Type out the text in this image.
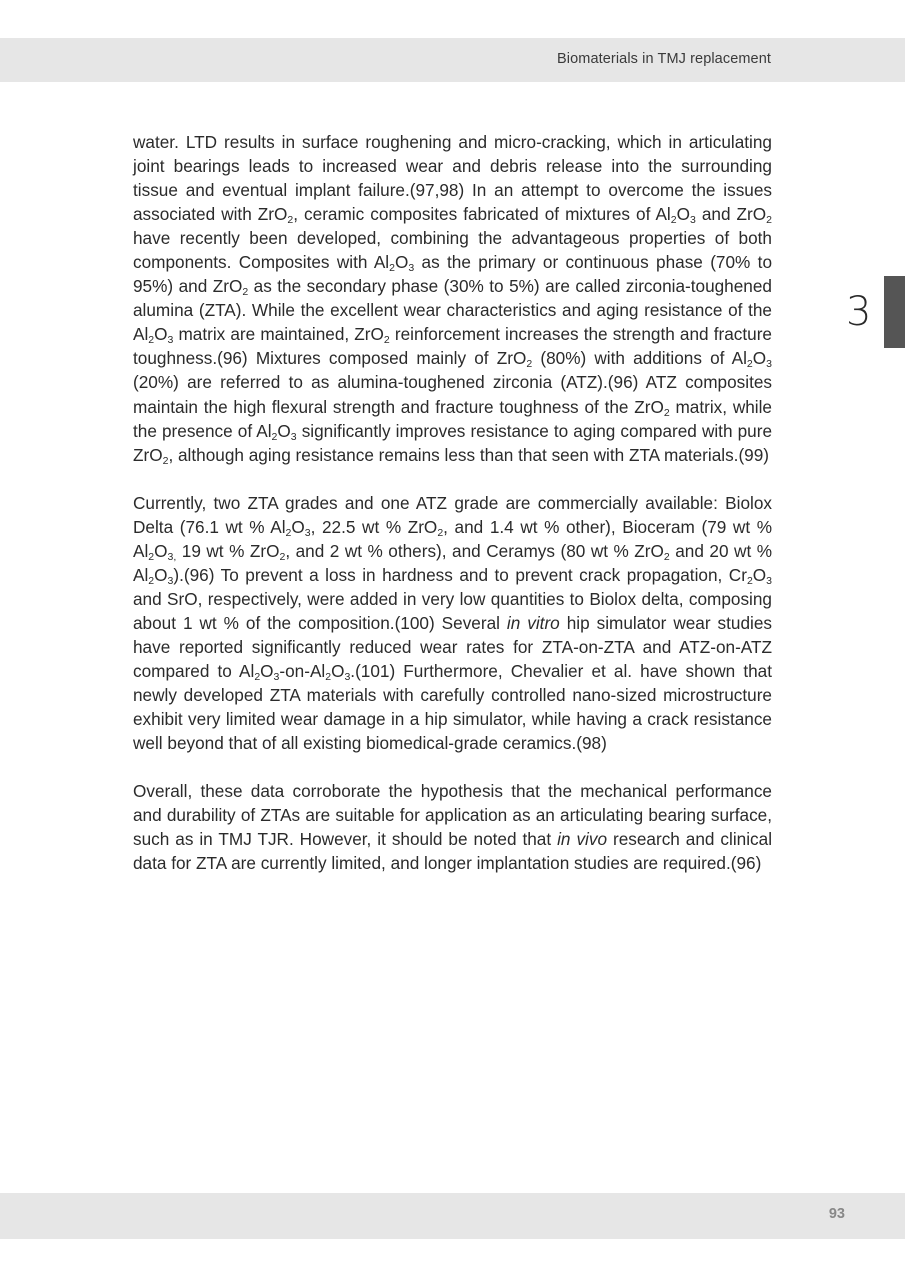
Biomaterials in TMJ replacement
3

water. LTD results in surface roughening and micro-cracking, which in articulating joint bearings leads to increased wear and debris release into the surrounding tissue and eventual implant failure.(97,98) In an attempt to overcome the issues associated with ZrO$_2$, ceramic composites fabricated of mixtures of $Al_2O_3$ and ZrO$_2$ have recently been developed, combining the advantageous properties of both components. Composites with $Al_2O_3$ as the primary or continuous phase (70% to 95%) and ZrO$_2$ as the secondary phase (30% to 5%) are called zirconia-toughened alumina (ZTA). While the excellent wear characteristics and aging resistance of the $Al_2O_3$ matrix are maintained, ZrO$_2$ reinforcement increases the strength and fracture toughness.(96) Mixtures composed mainly of ZrO$_2$ (80%) with additions of $Al_2O_3$ (20%) are referred to as alumina-toughened zirconia (ATZ).(96) ATZ composites maintain the high flexural strength and fracture toughness of the ZrO$_2$ matrix, while the presence of $Al_2O_3$ significantly improves resistance to aging compared with pure ZrO$_2$, although aging resistance remains less than that seen with ZTA materials.(99)

Currently, two ZTA grades and one ATZ grade are commercially available: Biolox Delta (76.1 wt % $Al_2O_3$, 22.5 wt % ZrO$_2$, and 1.4 wt % other), Bioceram (79 wt % $Al_2O_{3,}$ 19 wt % ZrO$_2$, and 2 wt % others), and Ceramys (80 wt % ZrO$_2$ and 20 wt % $Al_2O_3).(96)$ To prevent a loss in hardness and to prevent crack propagation, $Cr_2O_3$ and SrO, respectively, were added in very low quantities to Biolox delta, composing about 1 wt % of the composition.(100) Several in vitro hip simulator wear studies have reported significantly reduced wear rates for ZTA-on-ZTA and ATZ-on-ATZ compared to $Al_2O_3-on-Al_2O_3.(101)$ Furthermore, Chevalier et al. have shown that newly developed ZTA materials with carefully controlled nano-sized microstructure exhibit very limited wear damage in a hip simulator, while having a crack resistance well beyond that of all existing biomedical-grade ceramics.(98)

Overall, these data corroborate the hypothesis that the mechanical performance and durability of ZTAs are suitable for application as an articulating bearing surface, such as in TMJ TJR. However, it should be noted that in vivo research and clinical data for ZTA are currently limited, and longer implantation studies are required.(96)

93
